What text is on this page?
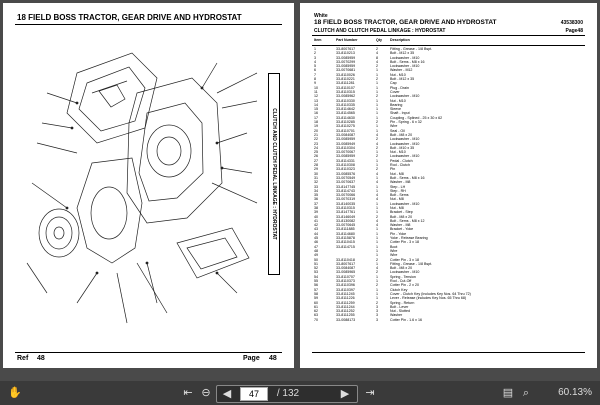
18 FIELD BOSS TRACTOR, GEAR DRIVE AND HYDROSTAT
CLUTCH AND CLUTCH PEDAL LINKAGE : HYDROSTAT
Ref 48	Page 48
White
18 FIELD BOSS TRACTOR, GEAR DRIVE AND HYDROSTAT	43538300
CLUTCH AND CLUTCH PEDAL LINKAGE : HYDROSTAT	Page48
Item	Part Number	Qty Description
1	33-8007617	2	Fitting - Grease - 1/8 Bspt.
2	33-8110213	4	Bolt - M12 x 35
3	33-0085959	8	Lockwasher - M10
4	33-0070299	4	Bolt - Sems - M8 x 16
5	33-0085959	2	Lockwasher - M10
6	33-0070681	1	Washer - M12
7	33-8110026	1	Nut - M10
8	33-8110221	2	Bolt - M12 x 35
9	33-8111281	1	Cap
10	33-8110107	1	Plug - Drain
11	33-8110315	1	Cover
12	33-0085962	2	Lockwasher - M10
13	33-8110330	1	Nut - M10
14	33-8110335	1	Bearing
15	33-8114642	1	Sleeve
16	33-8114565	1	Shaft - Input
17	33-8114630	1	Coupling - Splined - 25 x 30 x 62
18	33-8110285	2	Pin - Spring - 6 x 32
19	33-8110275	1	Wire
20	33-8110701	1	Seal - Oil
21	33-0084087	4	Bolt - M8 x 20
22	33-0085959	2	Lockwasher - M10
23	33-0085949	4	Lockwasher - M10
24	33-8110304	2	Bolt - M10 x 35
25	33-0070067	1	Nut - M10
26	33-0085959	2	Lockwasher - M10
27	33-8114331	1	Pedal - Clutch
28	33-8110308	1	Rod - Clutch
29	33-8110323	2	Pin
30	33-0085576	4	Nut - M8
31	33-0070549	1	Bolt - Sems - M8 x 16
32	33-0070637	4	Washer - M8
33	33-8147745	1	Step - LH
34	33-8114743	1	Step - RH
35	33-0070066	4	Bolt - Sems
36	33-0070319	4	Nut - M8
37	33-8140035	1	Lockwasher - M10
38	33-8110315	1	Nut - M8
39	33-8147761	1	Bracket - Step
40	33-8146049	2	Bolt - M8 x 20
41	33-8130082	4	Bolt - Sems - M8 x 12
42	33-0070645	4	Washer - M8
43	33-8111885	1	Bracket - Yoke
44	33-8114680	1	Pin - Yoke
45	33-8115878	1	Yoke - Release Bearing
46	33-8110415	1	Cotter Pin - 3 x 18
47	33-8114715	1	Boot
48	1	Wire
49	1	Wire
50	33-8110418	2	Cotter Pin - 3 x 18
51	33-8007617	1	Fitting - Grease - 1/8 Bspt.
52	33-0084087	4	Bolt - M8 x 20
53	33-0085965	2	Lockwasher - M10
54	33-8110707	1	Spring - Tension
55	33-8110373	1	Rod - Cut-Off
56	33-8110396	2	Cotter Pin - 2 x 20
57	33-8110397	1	Clutch Key
58	33-8111245	1	Cover - Clutch Key (Includes Key Nos. 64 Thru 72)
59	33-8111226	1	Lever - Release (Includes Key Nos. 65 Thru 68)
60	33-8111259	2	Spring - Return
61	33-8111244	3	Bolt - Lever
62	33-8111252	3	Nut - Slotted
63	33-8111255	3	Washer
70	33-0088173	3	Cotter Pin - 1.6 x 16
✋	⇤ ⊖	◀
47	/ 132	▶	⇥	▤ ⌕	60.13%
